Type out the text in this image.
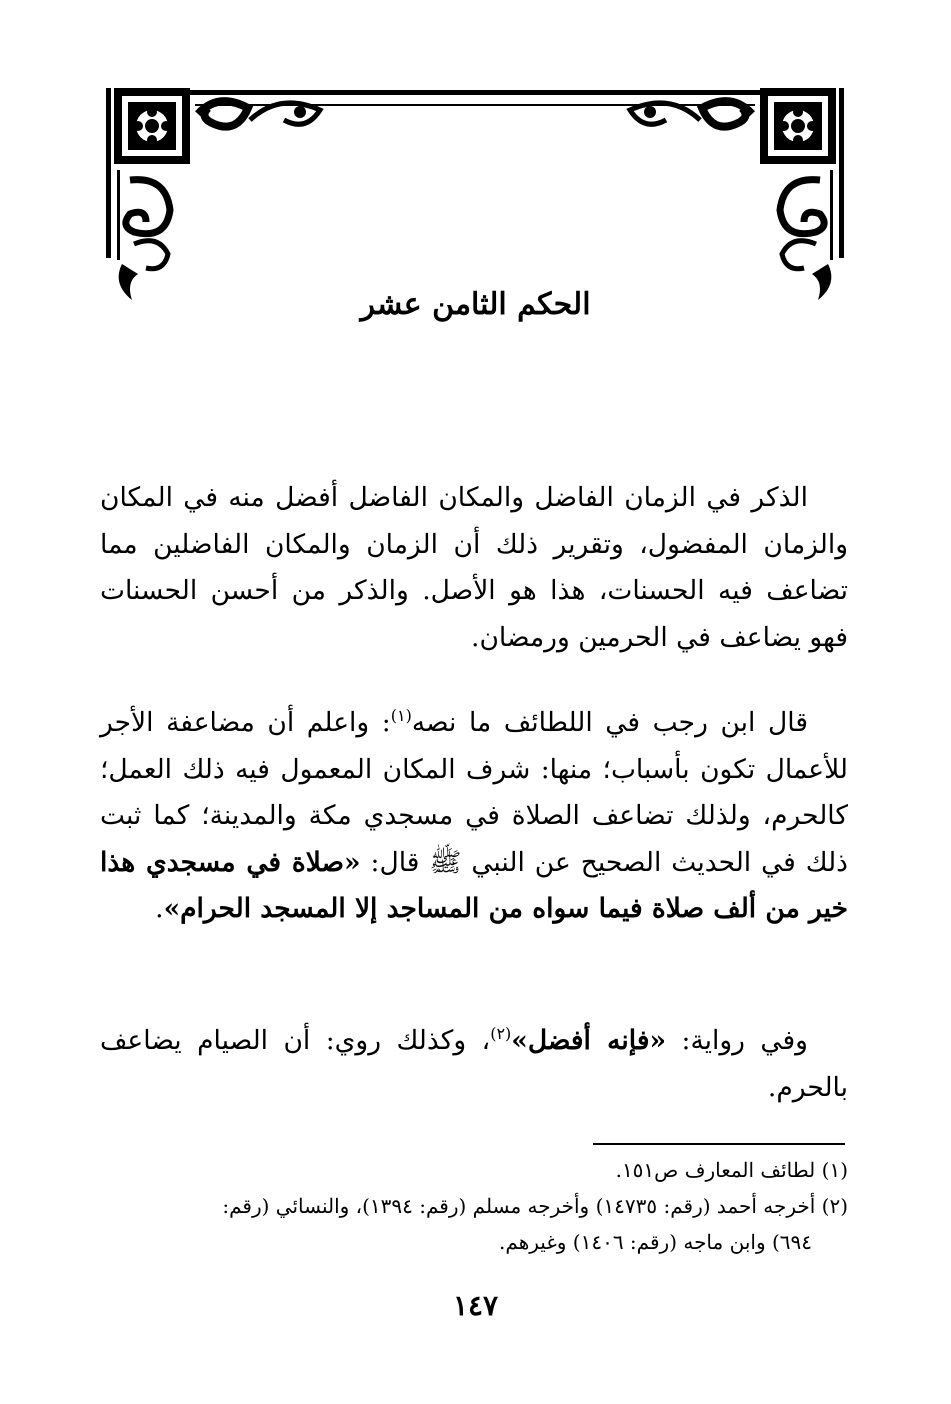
الحكم الثامن عشر

الذكر في الزمان الفاضل والمكان الفاضل أفضل منه في المكان والزمان المفضول، وتقرير ذلك أن الزمان والمكان الفاضلين مما تضاعف فيه الحسنات، هذا هو الأصل. والذكر من أحسن الحسنات فهو يضاعف في الحرمين ورمضان.

قال ابن رجب في اللطائف ما نصه$^{(١)}$: واعلم أن مضاعفة الأجر للأعمال تكون بأسباب؛ منها: شرف المكان المعمول فيه ذلك العمل؛ كالحرم، ولذلك تضاعف الصلاة في مسجدي مكة والمدينة؛ كما ثبت ذلك في الحديث الصحيح عن النبي ﷺ قال: «صلاة في مسجدي هذا خير من ألف صلاة فيما سواه من المساجد إلا المسجد الحرام».

وفي رواية: «فإنه أفضل»$^{(٢)}$، وكذلك روي: أن الصيام يضاعف بالحرم.

(١) لطائف المعارف ص١٥١.

(٢) أخرجه أحمد (رقم: ١٤٧٣٥) وأخرجه مسلم (رقم: ١٣٩٤)، والنسائي (رقم:

٦٩٤) وابن ماجه (رقم: ١٤٠٦) وغيرهم.

١٤٧
